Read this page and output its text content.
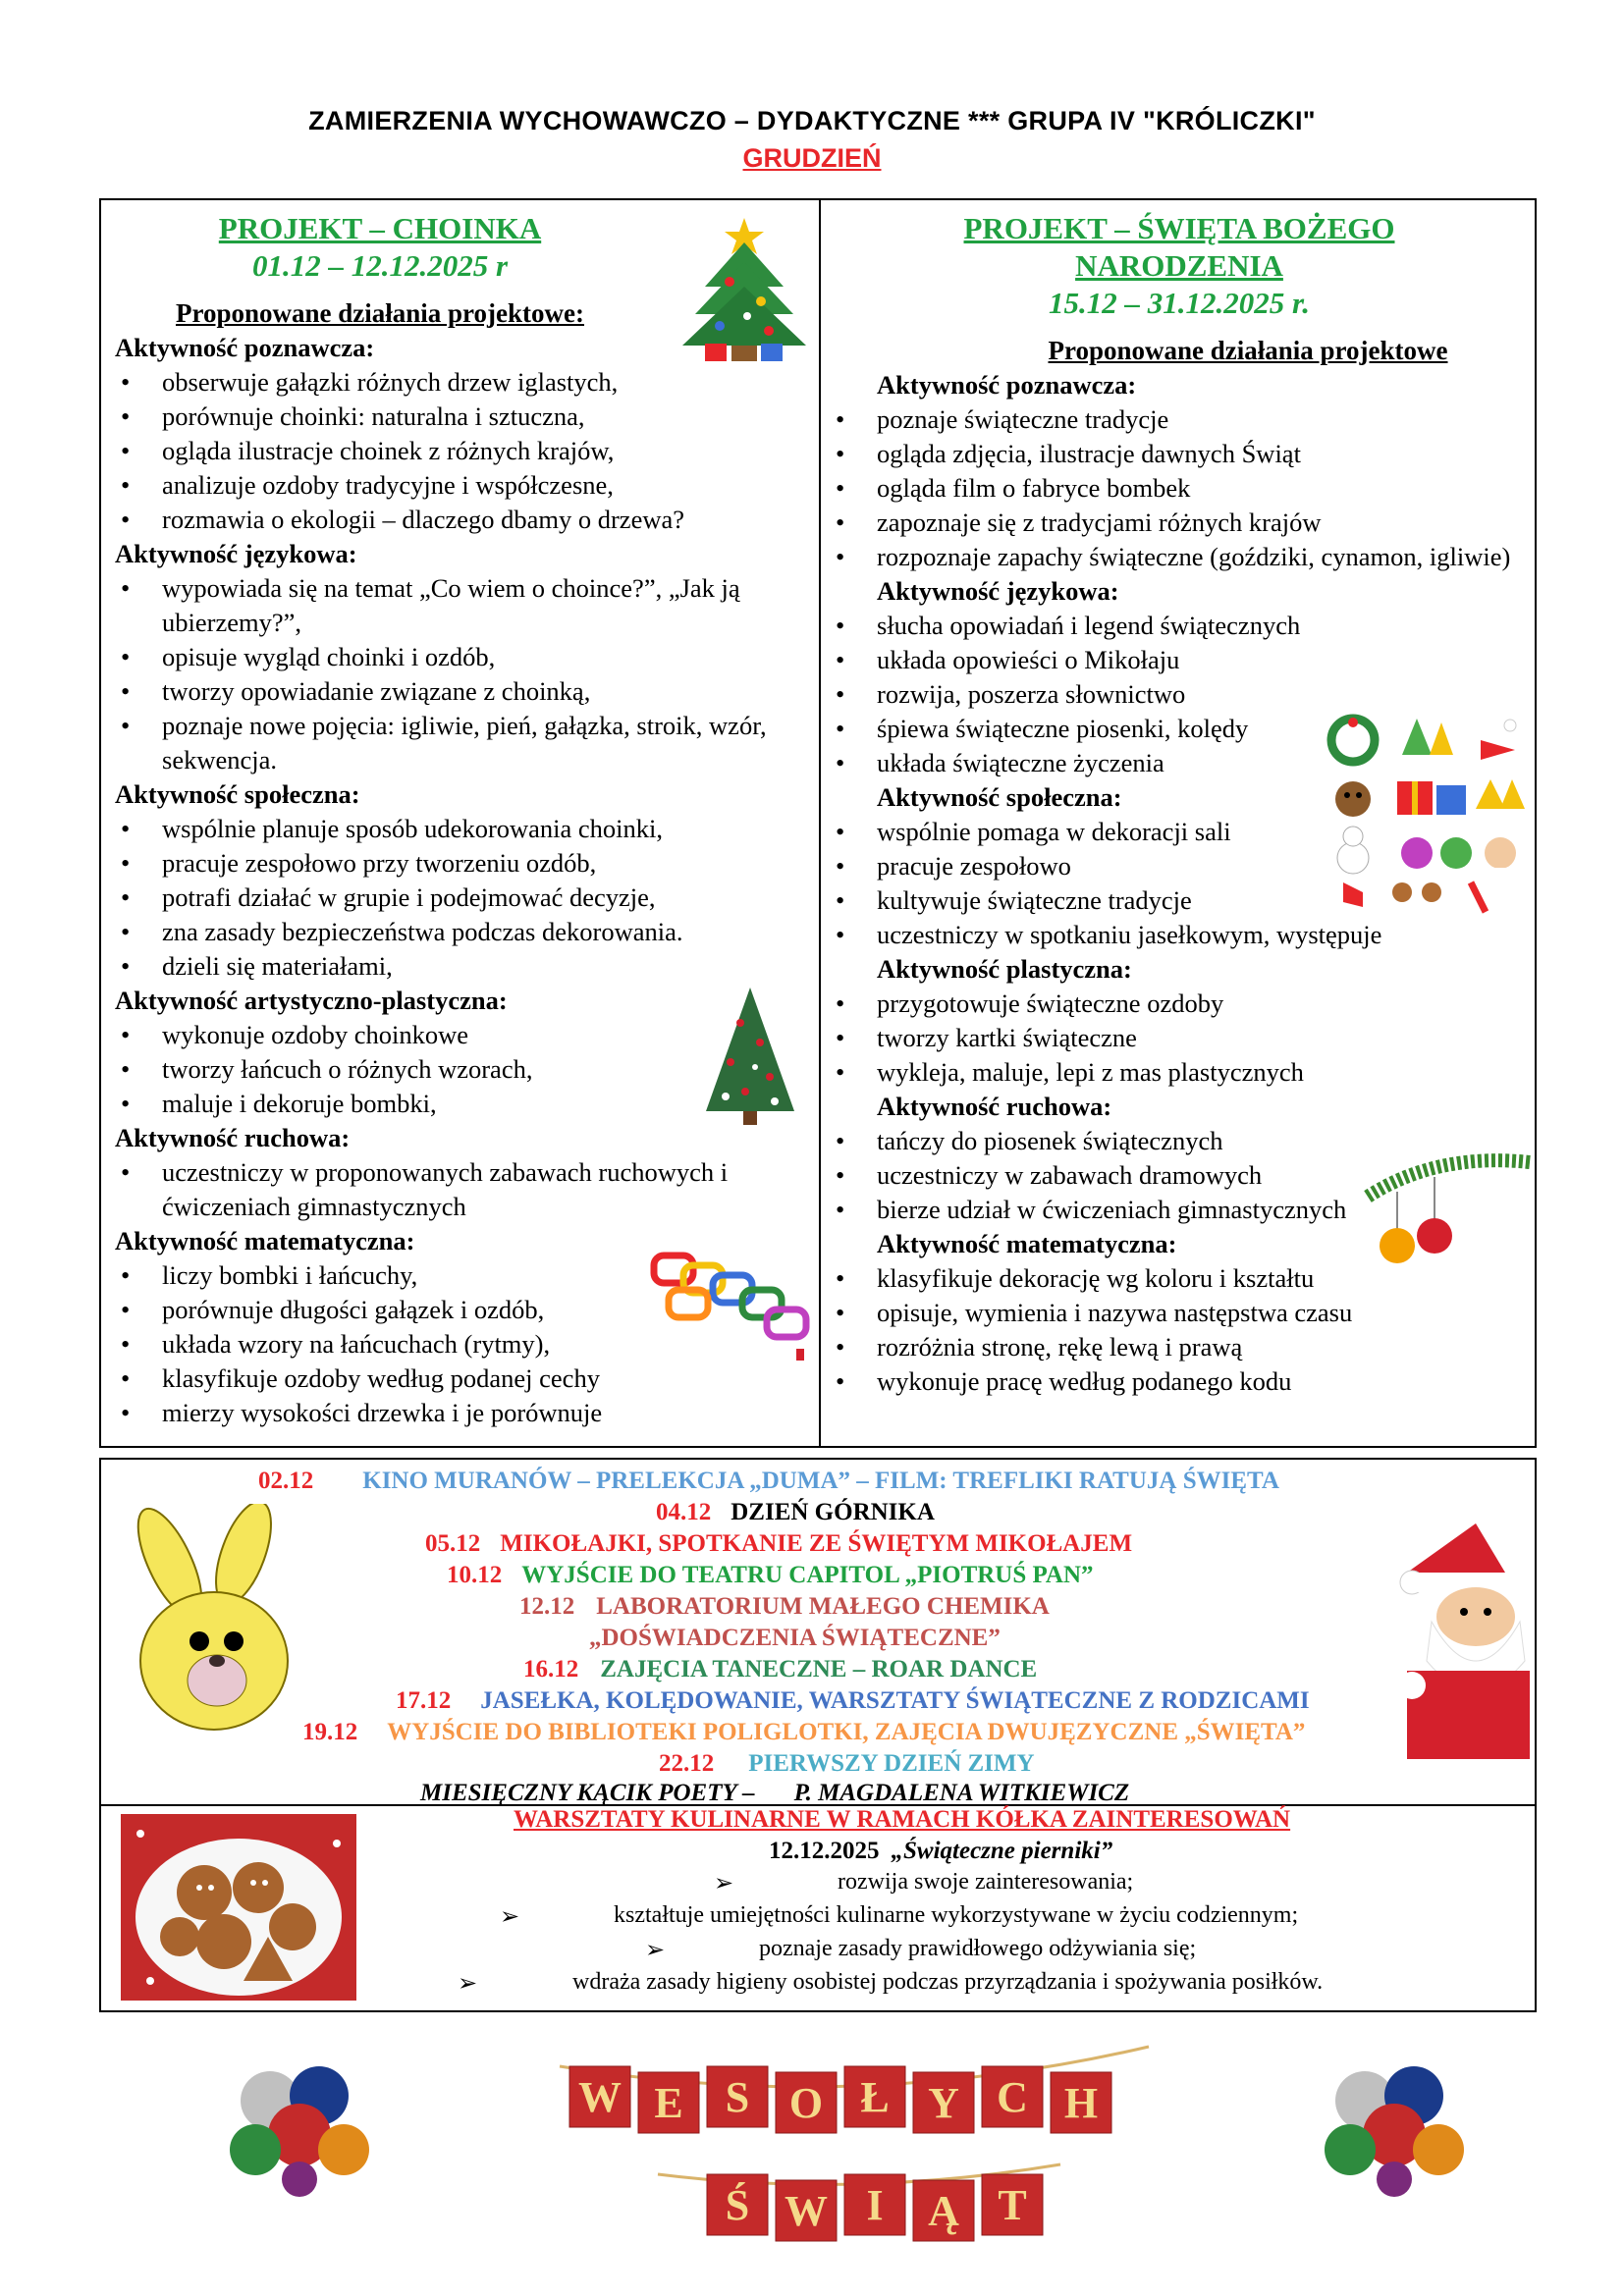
ZAMIERZENIA WYCHOWAWCZO – DYDAKTYCZNE *** GRUPA IV "KRÓLICZKI"
GRUDZIEŃ
PROJEKT – CHOINKA
01.12 – 12.12.2025 r
Proponowane działania projektowe:
Aktywność poznawcza:
• obserwuje gałązki różnych drzew iglastych,
• porównuje choinki: naturalna i sztuczna,
• ogląda ilustracje choinek z różnych krajów,
• analizuje ozdoby tradycyjne i współczesne,
• rozmawia o ekologii – dlaczego dbamy o drzewa?
Aktywność językowa:
• wypowiada się na temat „Co wiem o choince?”, „Jak ją ubierzemy?”,
• opisuje wygląd choinki i ozdób,
• tworzy opowiadanie związane z choinką,
• poznaje nowe pojęcia: igliwie, pień, gałązka, stroik, wzór, sekwencja.
Aktywność społeczna:
• wspólnie planuje sposób udekorowania choinki,
• pracuje zespołowo przy tworzeniu ozdób,
• potrafi działać w grupie i podejmować decyzje,
• zna zasady bezpieczeństwa podczas dekorowania.
• dzieli się materiałami,
Aktywność artystyczno-plastyczna:
• wykonuje ozdoby choinkowe
• tworzy łańcuch o różnych wzorach,
• maluje i dekoruje bombki,
Aktywność ruchowa:
• uczestniczy w proponowanych zabawach ruchowych i ćwiczeniach gimnastycznych
Aktywność matematyczna:
• liczy bombki i łańcuchy,
• porównuje długości gałązek i ozdób,
• układa wzory na łańcuchach (rytmy),
• klasyfikuje ozdoby według podanej cechy
• mierzy wysokości drzewka i je porównuje
PROJEKT – ŚWIĘTA BOŻEGO
NARODZENIA
15.12 – 31.12.2025 r.
Proponowane działania projektowe
Aktywność poznawcza:
• poznaje świąteczne tradycje
• ogląda zdjęcia, ilustracje dawnych Świąt
• ogląda film o fabryce bombek
• zapoznaje się z tradycjami różnych krajów
• rozpoznaje zapachy świąteczne (goździki, cynamon, igliwie)
Aktywność językowa:
• słucha opowiadań i legend świątecznych
• układa opowieści o Mikołaju
• rozwija, poszerza słownictwo
• śpiewa świąteczne piosenki, kolędy
• układa świąteczne życzenia
Aktywność społeczna:
• wspólnie pomaga w dekoracji sali
• pracuje zespołowo
• kultywuje świąteczne tradycje
• uczestniczy w spotkaniu jasełkowym, występuje
Aktywność plastyczna:
• przygotowuje świąteczne ozdoby
• tworzy kartki świąteczne
• wykleja, maluje, lepi z mas plastycznych
Aktywność ruchowa:
• tańczy do piosenek świątecznych
• uczestniczy w zabawach dramowych
• bierze udział w ćwiczeniach gimnastycznych
Aktywność matematyczna:
• klasyfikuje dekorację wg koloru i kształtu
• opisuje, wymienia i nazywa następstwa czasu
• rozróżnia stronę, rękę lewą i prawą
• wykonuje pracę według podanego kodu
02.12 KINO MURANÓW – PRELEKCJA „DUMA” – FILM: TREFLIKI RATUJĄ ŚWIĘTA
04.12 DZIEŃ GÓRNIKA
05.12 MIKOŁAJKI, SPOTKANIE ZE ŚWIĘTYM MIKOŁAJEM
10.12 WYJŚCIE DO TEATRU CAPITOL „PIOTRUŚ PAN”
12.12 LABORATORIUM MAŁEGO CHEMIKA
„DOŚWIADCZENIA ŚWIĄTECZNE”
16.12 ZAJĘCIA TANECZNE – ROAR DANCE
17.12 JASEŁKA, KOLĘDOWANIE, WARSZTATY ŚWIĄTECZNE Z RODZICAMI
19.12 WYJŚCIE DO BIBLIOTEKI POLIGLOTKI, ZAJĘCIA DWUJĘZYCZNE „ŚWIĘTA”
22.12 PIERWSZY DZIEŃ ZIMY
MIESIĘCZNY KĄCIK POETY – P. MAGDALENA WITKIEWICZ
WARSZTATY KULINARNE W RAMACH KÓŁKA ZAINTERESOWAŃ
12.12.2025 „Świąteczne pierniki”
➢	rozwija swoje zainteresowania;
➢	kształtuje umiejętności kulinarne wykorzystywane w życiu codziennym;
➢	poznaje zasady prawidłowego odżywiania się;
➢	wdraża zasady higieny osobistej podczas przyrządzania i spożywania posiłków.
W E S O Ł Y C H
Ś W I Ą T
